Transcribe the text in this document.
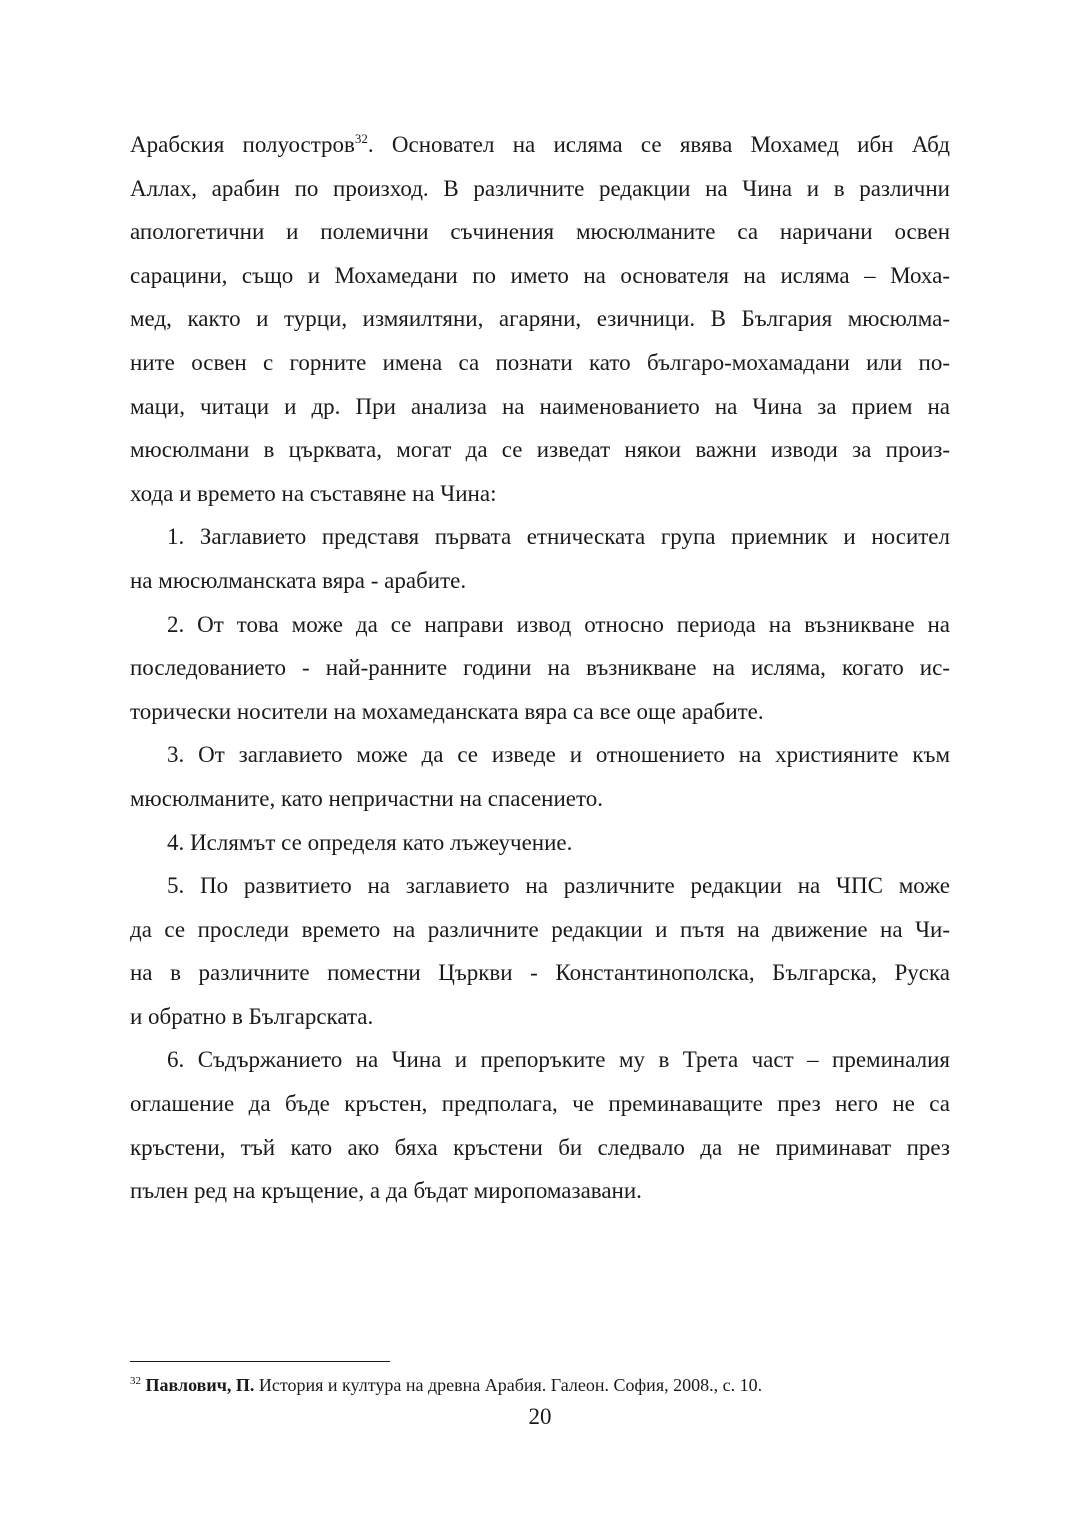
Арабския полуостров$^{32}$. Основател на исляма се явява Мохамед ибн Абд
Аллах, арабин по произход. В различните редакции на Чина и в различни
апологетични и полемични съчинения мюсюлманите са наричани освен
сарацини, също и Мохамедани по името на основателя на исляма – Моха-
мед, както и турци, измяилтяни, агаряни, езичници. В България мюсюлма-
ните освен с горните имена са познати като българо-мохамадани или по-
маци, читаци и др. При анализа на наименованието на Чина за прием на
мюсюлмани в църквата, могат да се изведат някои важни изводи за произ-
хода и времето на съставяне на Чина:
1. Заглавието представя първата етническата група приемник и носител
на мюсюлманската вяра - арабите.
2. От това може да се направи извод относно периода на възникване на
последованието - най-ранните години на възникване на исляма, когато ис-
торически носители на мохамеданската вяра са все още арабите.
3. От заглавието може да се изведе и отношението на християните към
мюсюлманите, като непричастни на спасението.
4. Ислямът се определя като лъжеучение.
5. По развитието на заглавието на различните редакции на ЧПС може
да се проследи времето на различните редакции и пътя на движение на Чи-
на в различните поместни Църкви - Константинополска, Българска, Руска
и обратно в Българската.
6. Съдържанието на Чина и препоръките му в Трета част – преминалия
оглашение да бъде кръстен, предполага, че преминаващите през него не са
кръстени, тъй като ако бяха кръстени би следвало да не приминават през
пълен ред на кръщение, а да бъдат миропомазавани.
$^{32}$ Павлович, П. История и култура на древна Арабия. Галеон. София, 2008., с. 10.
20
